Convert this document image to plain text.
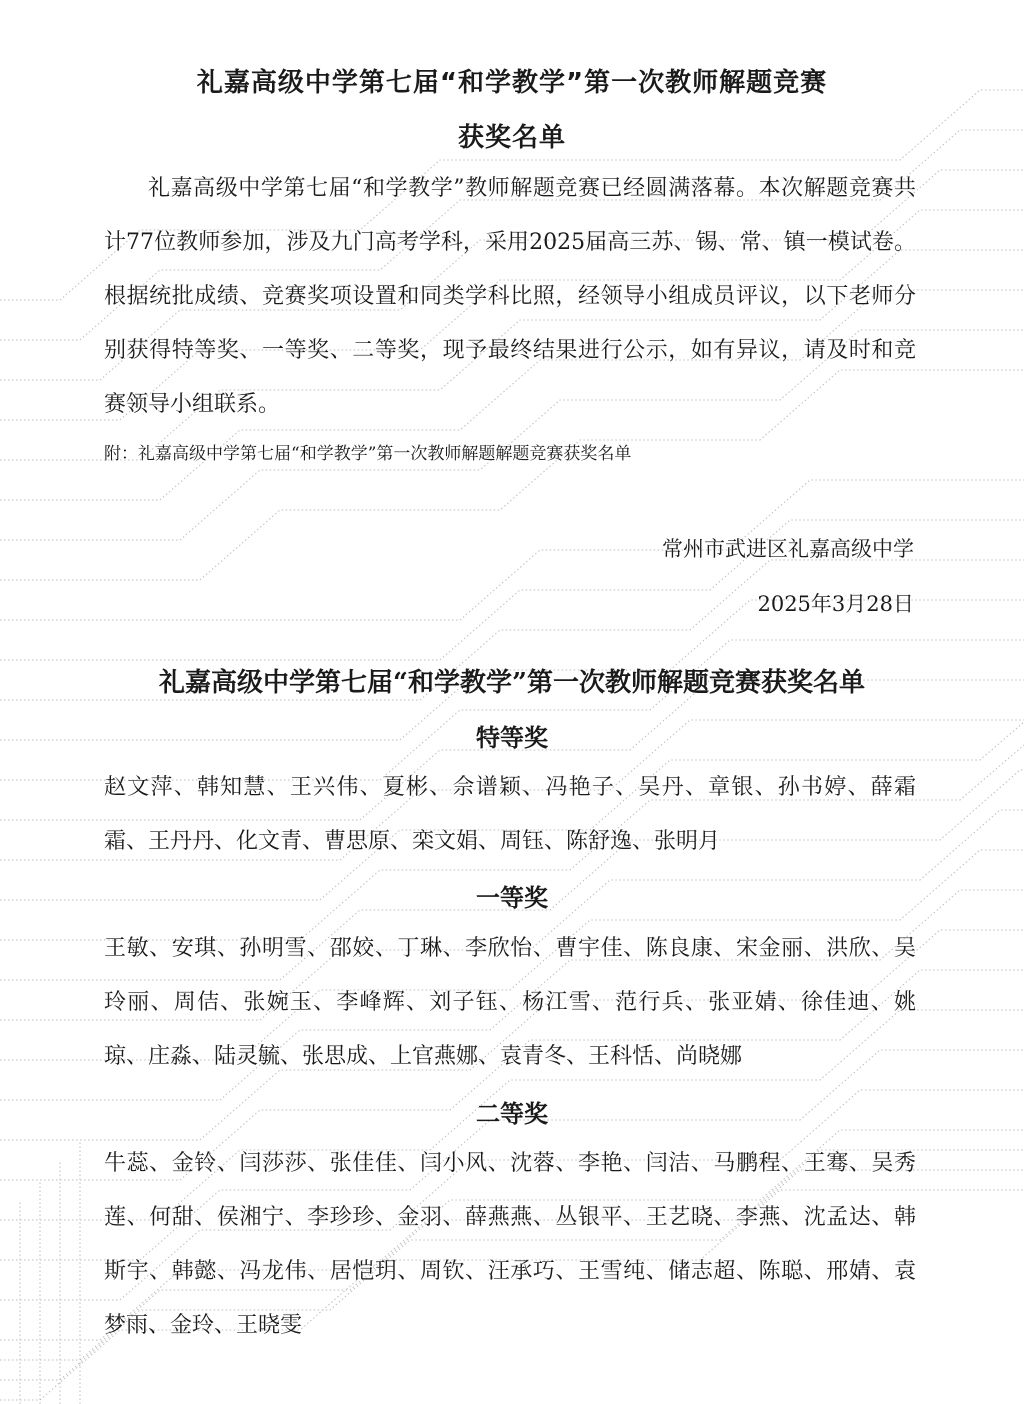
礼嘉高级中学第七届“和学教学”第一次教师解题竞赛
获奖名单

礼嘉高级中学第七届“和学教学”教师解题竞赛已经圆满落幕。本次解题竞赛共计77位教师参加，涉及九门高考学科，采用2025届高三苏、锡、常、镇一模试卷。根据统批成绩、竞赛奖项设置和同类学科比照，经领导小组成员评议，以下老师分别获得特等奖、一等奖、二等奖，现予最终结果进行公示，如有异议，请及时和竞赛领导小组联系。

附：礼嘉高级中学第七届“和学教学”第一次教师解题解题竞赛获奖名单

常州市武进区礼嘉高级中学

2025年3月28日

礼嘉高级中学第七届“和学教学”第一次教师解题竞赛获奖名单
特等奖

赵文萍、韩知慧、王兴伟、夏彬、佘谱颖、冯艳子、吴丹、章银、孙书婷、薛霜霜、王丹丹、化文青、曹思原、栾文娟、周钰、陈舒逸、张明月

一等奖

王敏、安琪、孙明雪、邵姣、丁琳、李欣怡、曹宇佳、陈良康、宋金丽、洪欣、吴玲丽、周佶、张婉玉、李峰辉、刘子钰、杨江雪、范行兵、张亚婧、徐佳迪、姚琼、庄淼、陆灵毓、张思成、上官燕娜、袁青冬、王科恬、尚晓娜

二等奖

牛蕊、金铃、闫莎莎、张佳佳、闫小风、沈蓉、李艳、闫洁、马鹏程、王骞、吴秀莲、何甜、侯湘宁、李珍珍、金羽、薛燕燕、丛银平、王艺晓、李燕、沈孟达、韩斯宇、韩懿、冯龙伟、居恺玥、周钦、汪承巧、王雪纯、储志超、陈聪、邢婧、袁梦雨、金玲、王晓雯
